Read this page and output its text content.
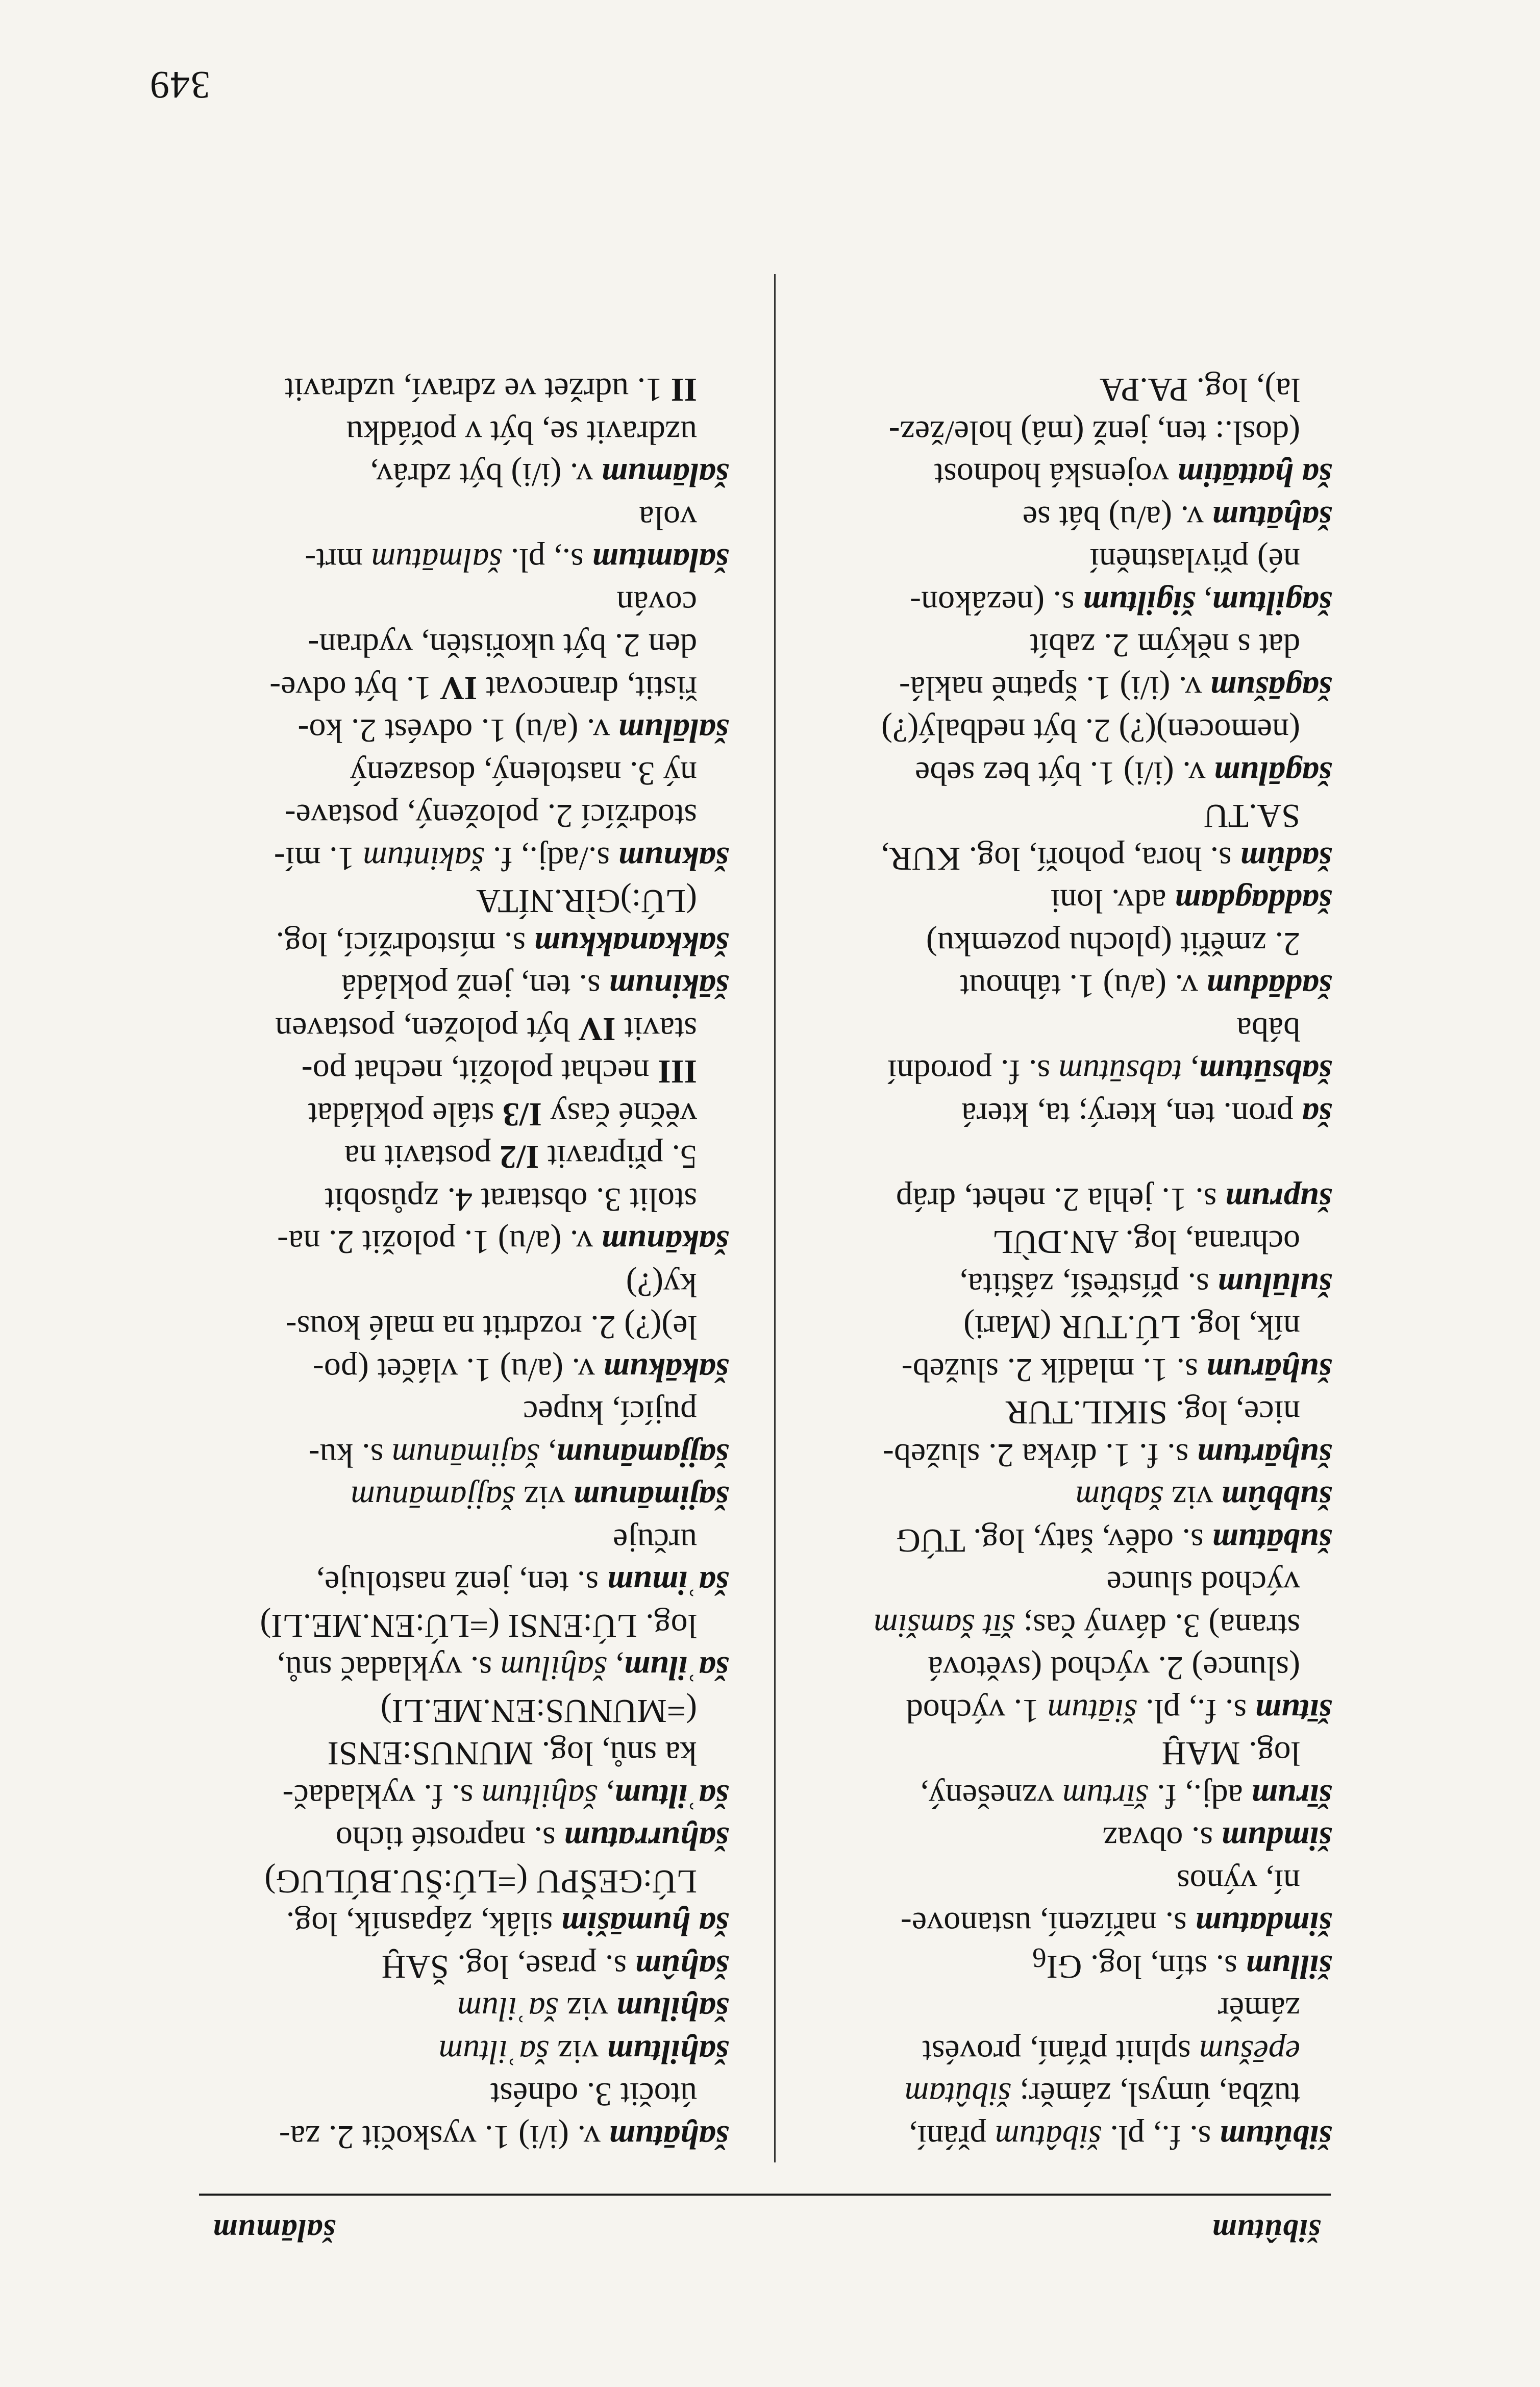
šibûtum
šalāmum
šibûtum s. f., pl. šibâtum přání,
tužba, úmysl, záměr; šibûtam
epēšum splnit přání, provést
záměr
šillum s. stín, log. $GI_6$
šimdatum s. nařízení, ustanove-
ní, výnos
šimdum s. obvaz
šīrum adj., f. šīrtum vznešený,
log. MAḪ
šītum s. f., pl. šiātum 1. východ
(slunce) 2. východ (světová
strana) 3. dávný čas; šīt šamšim
východ slunce
šubātum s. oděv, šaty, log. TÚG
šubbûm viz šabûm
šuḫārtum s. f. 1. dívka 2. služeb-
nice, log. SIKIL.TUR
šuḫārum s. 1. mladík 2. služeb-
ník, log. LÚ.TUR (Mari)
šulūlum s. přístřeší, záštita,
ochrana, log. AN.DÙL
šuprum s. 1. jehla 2. nehet, dráp
ša pron. ten, který; ta, která
šabsūtum, tabsūtum s. f. porodní
bába
šadādum v. (a/u) 1. táhnout
2. změřit (plochu pozemku)
šaddagdam adv. loni
šadûm s. hora, pohoří, log. KUR,
SA.TU
šagālum v. (i/i) 1. být bez sebe
(nemocen)(?) 2. být nedbalý(?)
šagāšum v. (i/i) 1. špatně naklá-
dat s někým 2. zabít
šagiltum, šigiltum s. (nezákon-
né) přivlastnění
šaḫātum v. (a/u) bát se
ša ḫattātim vojenská hodnost
(dosl.: ten, jenž (má) hole/žez-
la), log. PA.PA
šaḫātum v. (i/i) 1. vyskočit 2. za-
útočit 3. odnést
šaḫiltum viz šaʾiltum
šaḫilum viz šaʾilum
šaḫûm s. prase, log. ŠAḪ
ša ḫumāšim silák, zápasník, log.
LÚ:GEŠPU (=LÚ:ŠU.BÚLUG)
šaḫurratum s. naprosté ticho
šaʾiltum, šaḫiltum s. f. vykladač-
ka snů, log. MUNUS:ENSI
(=MUNUS:EN.ME.LI)
šaʾilum, šaḫilum s. vykladač snů,
log. LÚ:ENSI (=LÚ:EN.ME.LI)
šaʾimum s. ten, jenž nastoluje,
určuje
šajimānum viz šajjamānum
šajjamānum, šajimānum s. ku-
pující, kupec
šakākum v. (a/u) 1. vláčet (po-
le)(?) 2. rozdrtit na malé kous-
ky(?)
šakānum v. (a/u) 1. položit 2. na-
stolit 3. obstarat 4. způsobit
5. připravit I/2 postavit na
věčné časy I/3 stále pokládat
III nechat položit, nechat po-
stavit IV být položen, postaven
šākinum s. ten, jenž pokládá
šakkanakkum s. místodržící, log.
(LÚ:)GÌR.NÍTA
šaknum s./adj., f. šakintum 1. mí-
stodržící 2. položený, postave-
ný 3. nastolený, dosazený
šalālum v. (a/u) 1. odvést 2. ko-
řistit, drancovat IV 1. být odve-
den 2. být ukořistěn, vydran-
cován
šalamtum s., pl. šalmātum mrt-
vola
šalāmum v. (i/i) být zdráv,
uzdravit se, být v pořádku
II 1. udržet ve zdraví, uzdravit
349
